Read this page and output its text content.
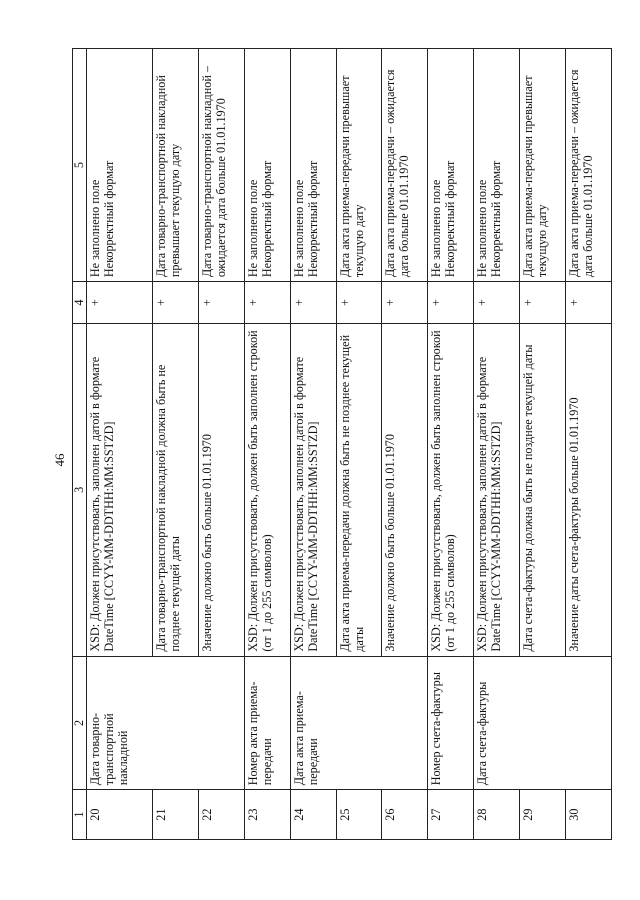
46
1	2	3	4	5
20	Дата товарно-транспортной накладной	XSD: Должен присутствовать, заполнен датой в формате DateTime [CCYY-MM-DDTHH:MM:SSTZD]	+	Не заполнено поле Некорректный формат

21		Дата товарно-транспортной накладной должна быть не позднее текущей даты	+	Дата товарно-транспортной накладной превышает текущую дату

22		Значение должно быть больше 01.01.1970	+	Дата товарно-транспортной накладной – ожидается дата больше 01.01.1970

23	Номер акта приема-передачи	XSD: Должен присутствовать, должен быть заполнен строкой (от 1 до 255 символов)	+	Не заполнено поле Некорректный формат

24	Дата акта приема-передачи	XSD: Должен присутствовать, заполнен датой в формате DateTime [CCYY-MM-DDTHH:MM:SSTZD]	+	Не заполнено поле Некорректный формат

25		Дата акта приема-передачи должна быть не позднее текущей даты	+	Дата акта приема-передачи превышает текущую дату

26		Значение должно быть больше 01.01.1970	+	Дата акта приема-передачи – ожидается дата больше 01.01.1970

27	Номер счета-фактуры	XSD: Должен присутствовать, должен быть заполнен строкой (от 1 до 255 символов)	+	Не заполнено поле Некорректный формат

28	Дата счета-фактуры	XSD: Должен присутствовать, заполнен датой в формате DateTime [CCYY-MM-DDTHH:MM:SSTZD]	+	Не заполнено поле Некорректный формат

29		Дата счета-фактуры должна быть не позднее текущей даты	+	Дата акта приема-передачи превышает текущую дату

30		Значение даты счета-фактуры больше 01.01.1970	+	Дата акта приема-передачи – ожидается дата больше 01.01.1970
